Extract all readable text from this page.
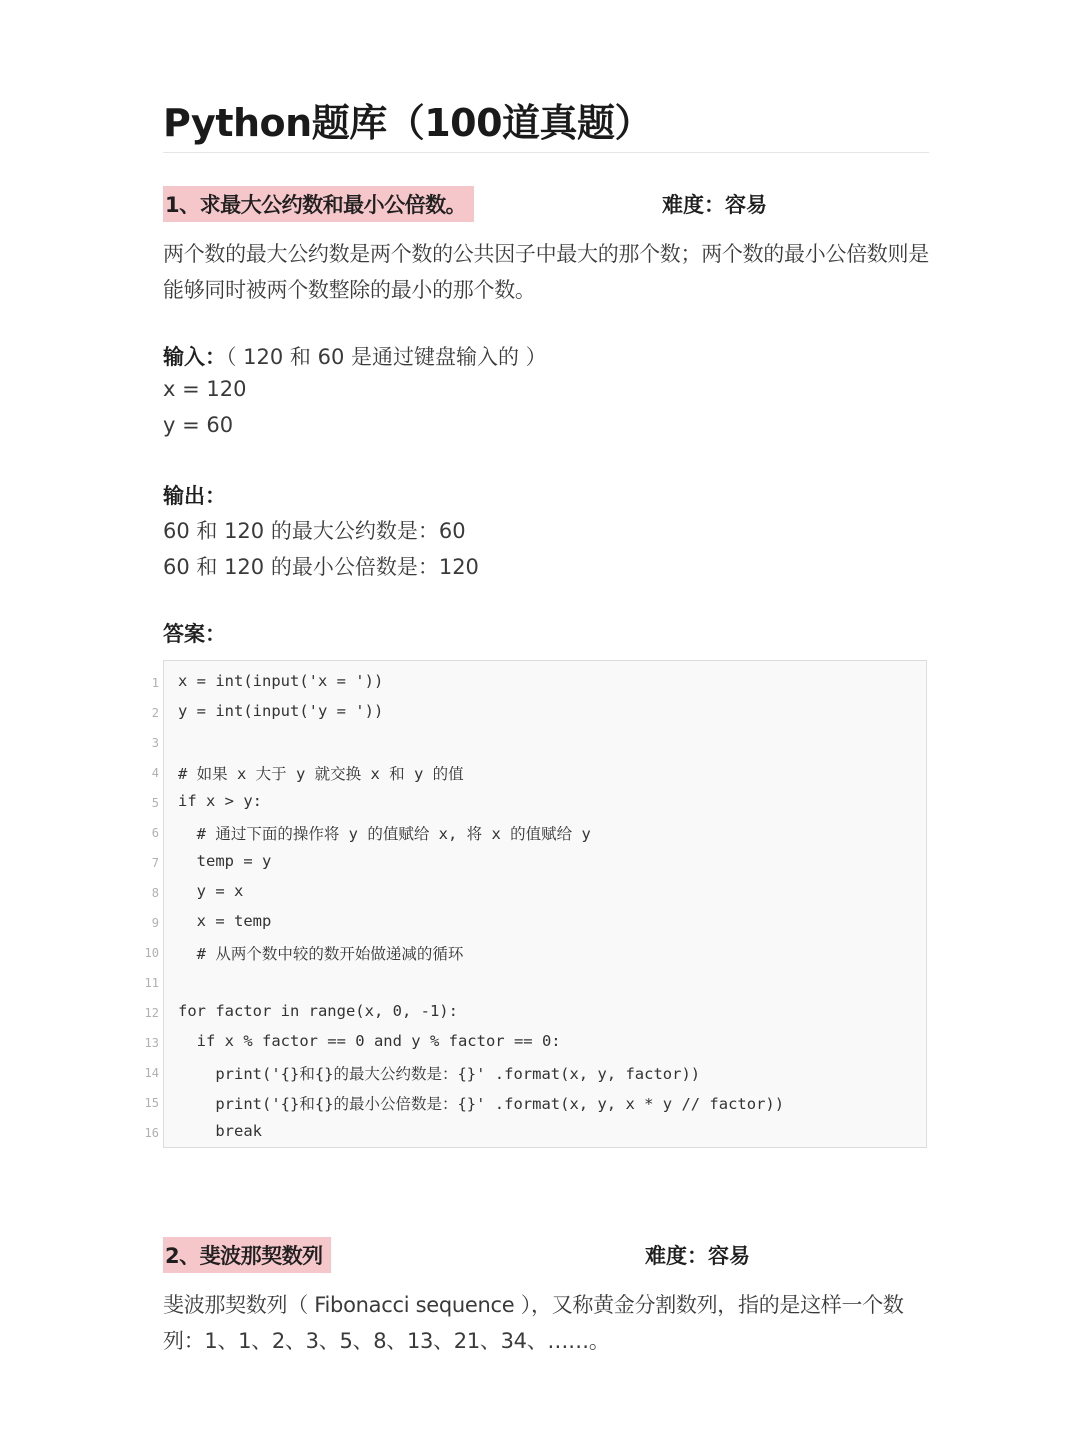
Python题库（100道真题）
1、求最大公约数和最小公倍数。	难度：容易

两个数的最大公约数是两个数的公共因子中最大的那个数；两个数的最小公倍数则是能够同时被两个数整除的最小的那个数。

输入：（ 120 和 60 是通过键盘输入的 ）
x = 120
y = 60
输出：
60 和 120 的最大公约数是：60
60 和 120 的最小公倍数是：120
答案：
1
2
3
4
5
6
7
8
9
10
11
12
13
14
15
16
x = int(input('x = '))
y = int(input('y = '))
# 如果 x 大于 y 就交换 x 和 y 的值
if x > y:
# 通过下面的操作将 y 的值赋给 x, 将 x 的值赋给 y
temp = y
y = x
x = temp
# 从两个数中较的数开始做递减的循环
for factor in range(x, 0, -1):
if x % factor == 0 and y % factor == 0:
print('{}和{}的最大公约数是：{}' .format(x, y, factor))
print('{}和{}的最小公倍数是：{}' .format(x, y, x * y // factor))
break
2、斐波那契数列	难度：容易

斐波那契数列（ Fibonacci sequence ），又称黄金分割数列，指的是这样一个数列：1、1、2、3、5、8、13、21、34、……。
